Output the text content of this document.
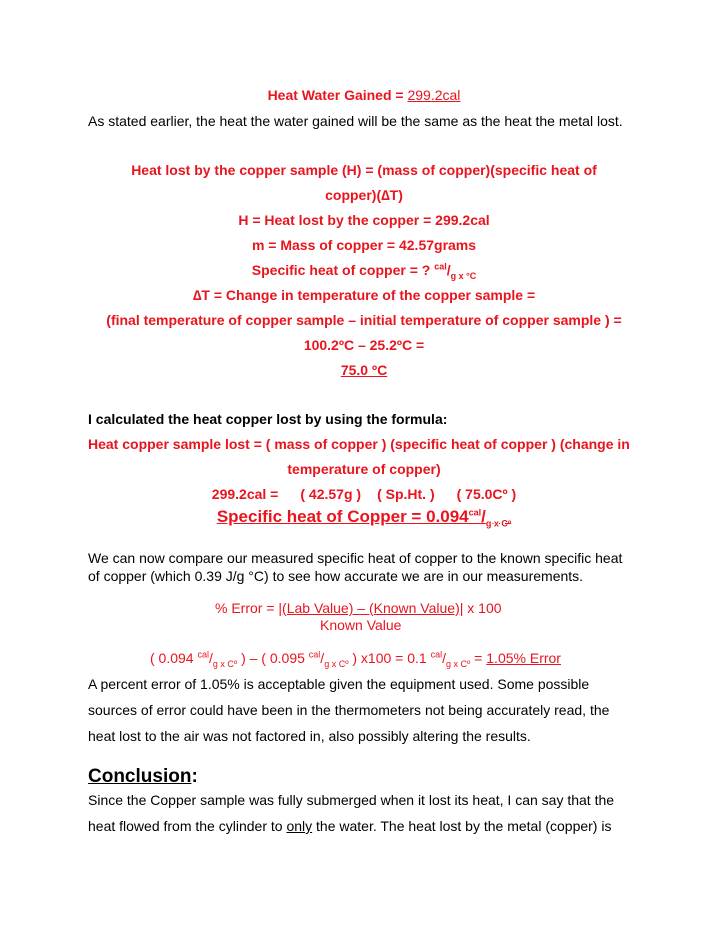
Heat Water Gained = 299.2cal
As stated earlier, the heat the water gained will be the same as the heat the metal lost.
Heat lost by the copper sample (H) = (mass of copper)(specific heat of
copper)(∆T)
H = Heat lost by the copper = 299.2cal
m = Mass of copper = 42.57grams
Specific heat of copper = ? $^{cal}/_{g x ^\circ C}$
∆T = Change in temperature of the copper sample =
(final temperature of copper sample – initial temperature of copper sample ) =
100.2ºC – 25.2ºC =
75.0 ºC
I calculated the heat copper lost by using the formula:
Heat copper sample lost = ( mass of copper ) (specific heat of copper ) (change in
temperature of copper)
299.2cal = ( 42.57g ) ( Sp.Ht. ) ( 75.0Cº )
Specific heat of Copper = $0.094^{cal}/_{g x Cº}$
We can now compare our measured specific heat of copper to the known specific heat
of copper (which 0.39 J/g °C) to see how accurate we are in our measurements.
% Error = |(Lab Value) – (Known Value)| x 100
Known Value
( 0.094 $^{cal}/_{g x Cº}$ ) – ( 0.095 $^{cal}/_{g x Cº}$ ) x100 = 0.1 $^{cal}/_{g x Cº} = 1.05\%$ Error
A percent error of 1.05% is acceptable given the equipment used. Some possible
sources of error could have been in the thermometers not being accurately read, the
heat lost to the air was not factored in, also possibly altering the results.
Conclusion:
Since the Copper sample was fully submerged when it lost its heat, I can say that the
heat flowed from the cylinder to only the water. The heat lost by the metal (copper) is
